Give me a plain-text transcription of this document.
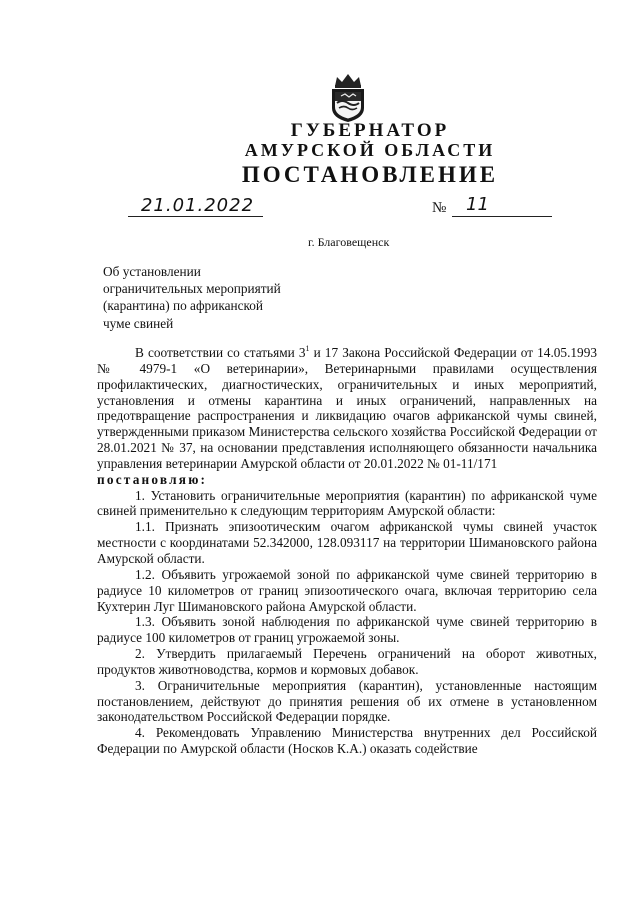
ГУБЕРНАТОР
АМУРСКОЙ ОБЛАСТИ
ПОСТАНОВЛЕНИЕ
21.01.2022	№ 11
г. Благовещенск
Об установлении
ограничительных мероприятий
(карантина) по африканской
чуме свиней

В соответствии со статьями $3^1$ и 17 Закона Российской Федерации от 14.05.1993 № 4979-1 «О ветеринарии», Ветеринарными правилами осуществления профилактических, диагностических, ограничительных и иных мероприятий, установления и отмены карантина и иных ограничений, направленных на предотвращение распространения и ликвидацию очагов африканской чумы свиней, утвержденными приказом Министерства сельского хозяйства Российской Федерации от 28.01.2021 № 37, на основании представления исполняющего обязанности начальника управления ветеринарии Амурской области от 20.01.2022 № 01-11/171

постановляю:

1. Установить ограничительные мероприятия (карантин) по африканской чуме свиней применительно к следующим территориям Амурской области:

1.1. Признать эпизоотическим очагом африканской чумы свиней участок местности с координатами 52.342000, 128.093117 на территории Шимановского района Амурской области.

1.2. Объявить угрожаемой зоной по африканской чуме свиней территорию в радиусе 10 километров от границ эпизоотического очага, включая территорию села Кухтерин Луг Шимановского района Амурской области.

1.3. Объявить зоной наблюдения по африканской чуме свиней территорию в радиусе 100 километров от границ угрожаемой зоны.

2. Утвердить прилагаемый Перечень ограничений на оборот животных, продуктов животноводства, кормов и кормовых добавок.

3. Ограничительные мероприятия (карантин), установленные настоящим постановлением, действуют до принятия решения об их отмене в установленном законодательством Российской Федерации порядке.

4. Рекомендовать Управлению Министерства внутренних дел Российской Федерации по Амурской области (Носков К.А.) оказать содействие
